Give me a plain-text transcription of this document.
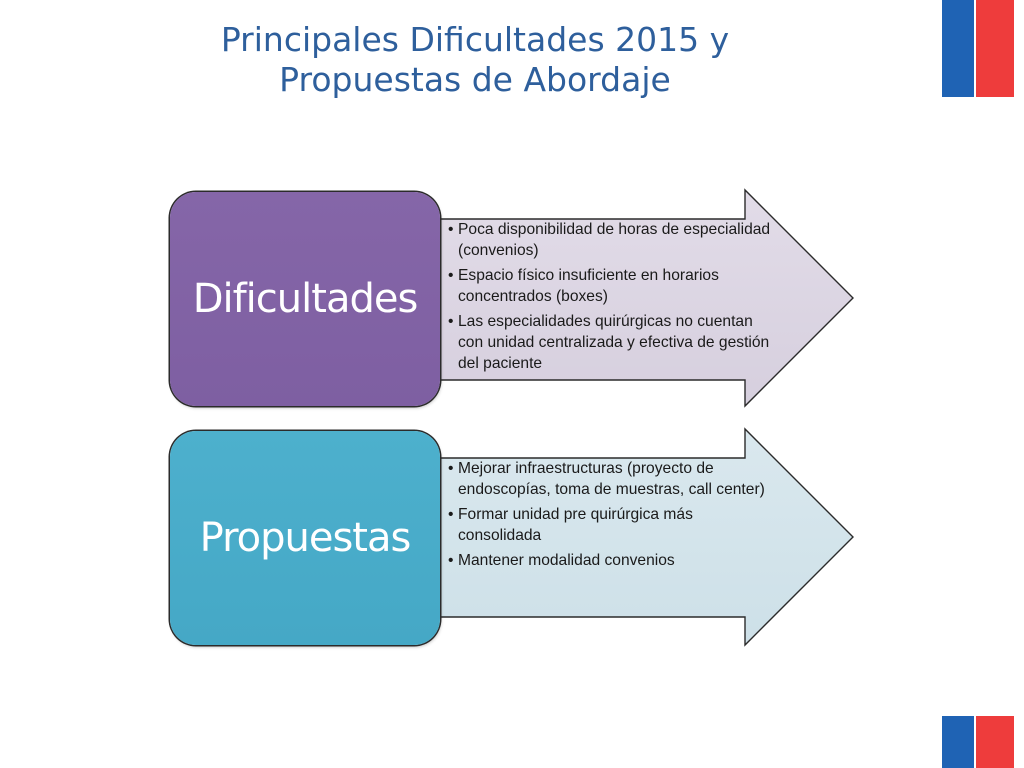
Principales Dificultades 2015 y
Propuestas de Abordaje
Dificultades
• Poca disponibilidad de horas de especialidad (convenios)
• Espacio físico insuficiente en horarios concentrados (boxes)
• Las especialidades quirúrgicas no cuentan con unidad centralizada y efectiva de gestión del paciente
Propuestas
• Mejorar infraestructuras (proyecto de endoscopías, toma de muestras, call center)
• Formar unidad pre quirúrgica más consolidada
• Mantener modalidad convenios
